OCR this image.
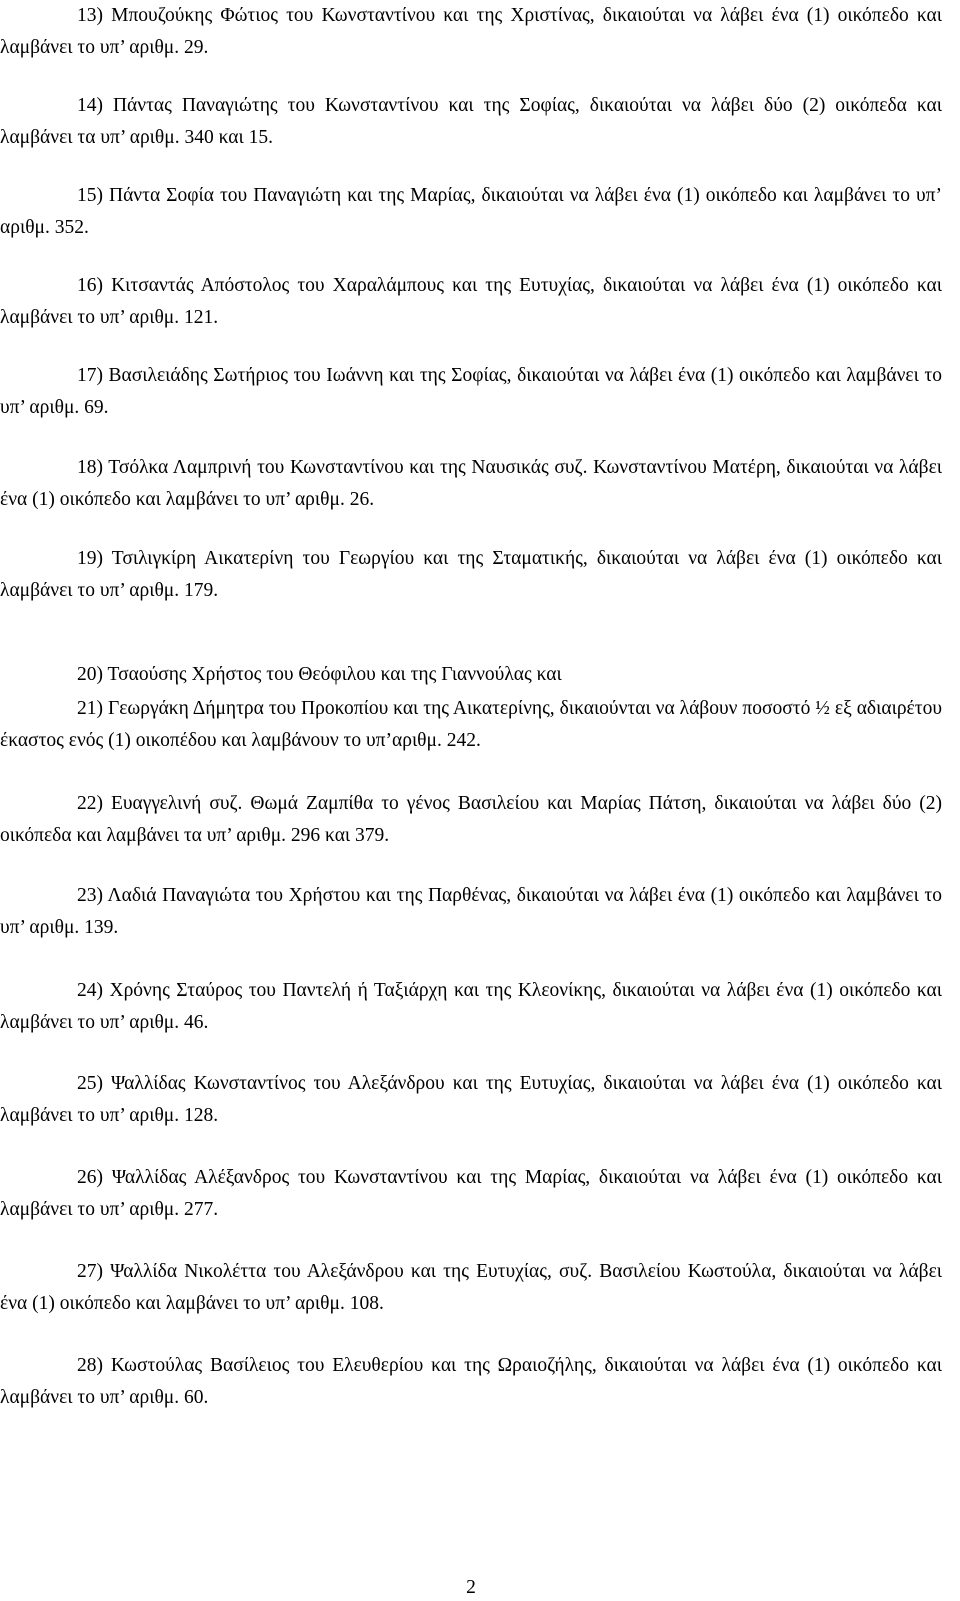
13) Μπουζούκης Φώτιος του Κωνσταντίνου και της Χριστίνας, δικαιούται να λάβει ένα (1) οικόπεδο και λαμβάνει το υπ’ αριθμ. 29.

14) Πάντας Παναγιώτης του Κωνσταντίνου και της Σοφίας, δικαιούται να λάβει δύο (2) οικόπεδα και λαμβάνει τα υπ’ αριθμ. 340 και 15.

15) Πάντα Σοφία του Παναγιώτη και της Μαρίας, δικαιούται να λάβει ένα (1) οικόπεδο και λαμβάνει το υπ’ αριθμ. 352.

16) Κιτσαντάς Απόστολος του Χαραλάμπους και της Ευτυχίας, δικαιούται να λάβει ένα (1) οικόπεδο και λαμβάνει το υπ’ αριθμ. 121.

17) Βασιλειάδης Σωτήριος του Ιωάννη και της Σοφίας, δικαιούται να λάβει ένα (1) οικόπεδο και λαμβάνει το υπ’ αριθμ. 69.

18) Τσόλκα Λαμπρινή του Κωνσταντίνου και της Ναυσικάς συζ. Κωνσταντίνου Ματέρη, δικαιούται να λάβει ένα (1) οικόπεδο και λαμβάνει το υπ’ αριθμ. 26.

19) Τσιλιγκίρη Αικατερίνη του Γεωργίου και της Σταματικής, δικαιούται να λάβει ένα (1) οικόπεδο και λαμβάνει το υπ’ αριθμ. 179.

20) Τσαούσης Χρήστος του Θεόφιλου και της Γιαννούλας και

21) Γεωργάκη Δήμητρα του Προκοπίου και της Αικατερίνης, δικαιούνται να λάβουν ποσοστό ½ εξ αδιαιρέτου έκαστος ενός (1) οικοπέδου και λαμβάνουν το υπ’αριθμ. 242.

22) Ευαγγελινή συζ. Θωμά Ζαμπίθα το γένος Βασιλείου και Μαρίας Πάτση, δικαιούται να λάβει δύο (2) οικόπεδα και λαμβάνει τα υπ’ αριθμ. 296 και 379.

23) Λαδιά Παναγιώτα του Χρήστου και της Παρθένας, δικαιούται να λάβει ένα (1) οικόπεδο και λαμβάνει το υπ’ αριθμ. 139.

24) Χρόνης Σταύρος του Παντελή ή Ταξιάρχη και της Κλεονίκης, δικαιούται να λάβει ένα (1) οικόπεδο και λαμβάνει το υπ’ αριθμ. 46.

25) Ψαλλίδας Κωνσταντίνος του Αλεξάνδρου και της Ευτυχίας, δικαιούται να λάβει ένα (1) οικόπεδο και λαμβάνει το υπ’ αριθμ. 128.

26) Ψαλλίδας Αλέξανδρος του Κωνσταντίνου και της Μαρίας, δικαιούται να λάβει ένα (1) οικόπεδο και λαμβάνει το υπ’ αριθμ. 277.

27) Ψαλλίδα Νικολέττα του Αλεξάνδρου και της Ευτυχίας, συζ. Βασιλείου Κωστούλα, δικαιούται να λάβει ένα (1) οικόπεδο και λαμβάνει το υπ’ αριθμ. 108.

28) Κωστούλας Βασίλειος του Ελευθερίου και της Ωραιοζήλης, δικαιούται να λάβει ένα (1) οικόπεδο και λαμβάνει το υπ’ αριθμ. 60.

2
